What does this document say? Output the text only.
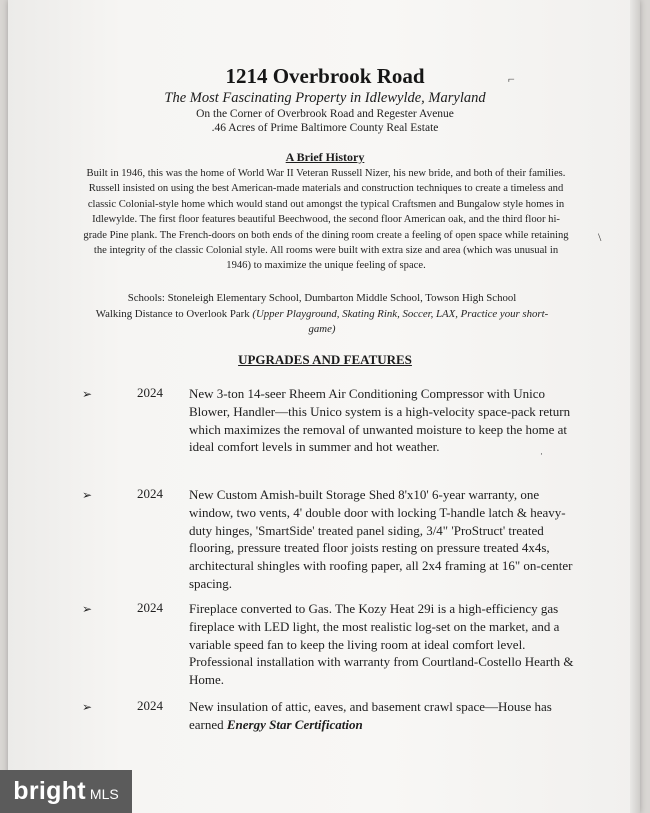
⌐
\
·
1214 Overbrook Road
The Most Fascinating Property in Idlewylde, Maryland
On the Corner of Overbrook Road and Regester Avenue
.46 Acres of Prime Baltimore County Real Estate
A Brief History
Built in 1946, this was the home of World War II Veteran Russell Nizer, his new bride, and both of their families. Russell insisted on using the best American-made materials and construction techniques to create a timeless and classic Colonial-style home which would stand out amongst the typical Craftsmen and Bungalow style homes in Idlewylde. The first floor features beautiful Beechwood, the second floor American oak, and the third floor hi-grade Pine plank. The French-doors on both ends of the dining room create a feeling of open space while retaining the integrity of the classic Colonial style. All rooms were built with extra size and area (which was unusual in 1946) to maximize the unique feeling of space.
Schools: Stoneleigh Elementary School, Dumbarton Middle School, Towson High School
Walking Distance to Overlook Park (Upper Playground, Skating Rink, Soccer, LAX, Practice your short-game)
UPGRADES AND FEATURES
➢	2024 New 3-ton 14-seer Rheem Air Conditioning Compressor with Unico Blower, Handler—this Unico system is a high-velocity space-pack return which maximizes the removal of unwanted moisture to keep the home at ideal comfort levels in summer and hot weather.
➢	2024 New Custom Amish-built Storage Shed 8'x10' 6-year warranty, one window, two vents, 4' double door with locking T-handle latch & heavy-duty hinges, 'SmartSide' treated panel siding, 3/4" 'ProStruct' treated flooring, pressure treated floor joists resting on pressure treated 4x4s, architectural shingles with roofing paper, all 2x4 framing at 16" on-center spacing.
➢	2024 Fireplace converted to Gas. The Kozy Heat 29i is a high-efficiency gas fireplace with LED light, the most realistic log-set on the market, and a variable speed fan to keep the living room at ideal comfort level. Professional installation with warranty from Courtland-Costello Hearth & Home.
➢	2024 New insulation of attic, eaves, and basement crawl space—House has earned Energy Star Certification
bright MLS
